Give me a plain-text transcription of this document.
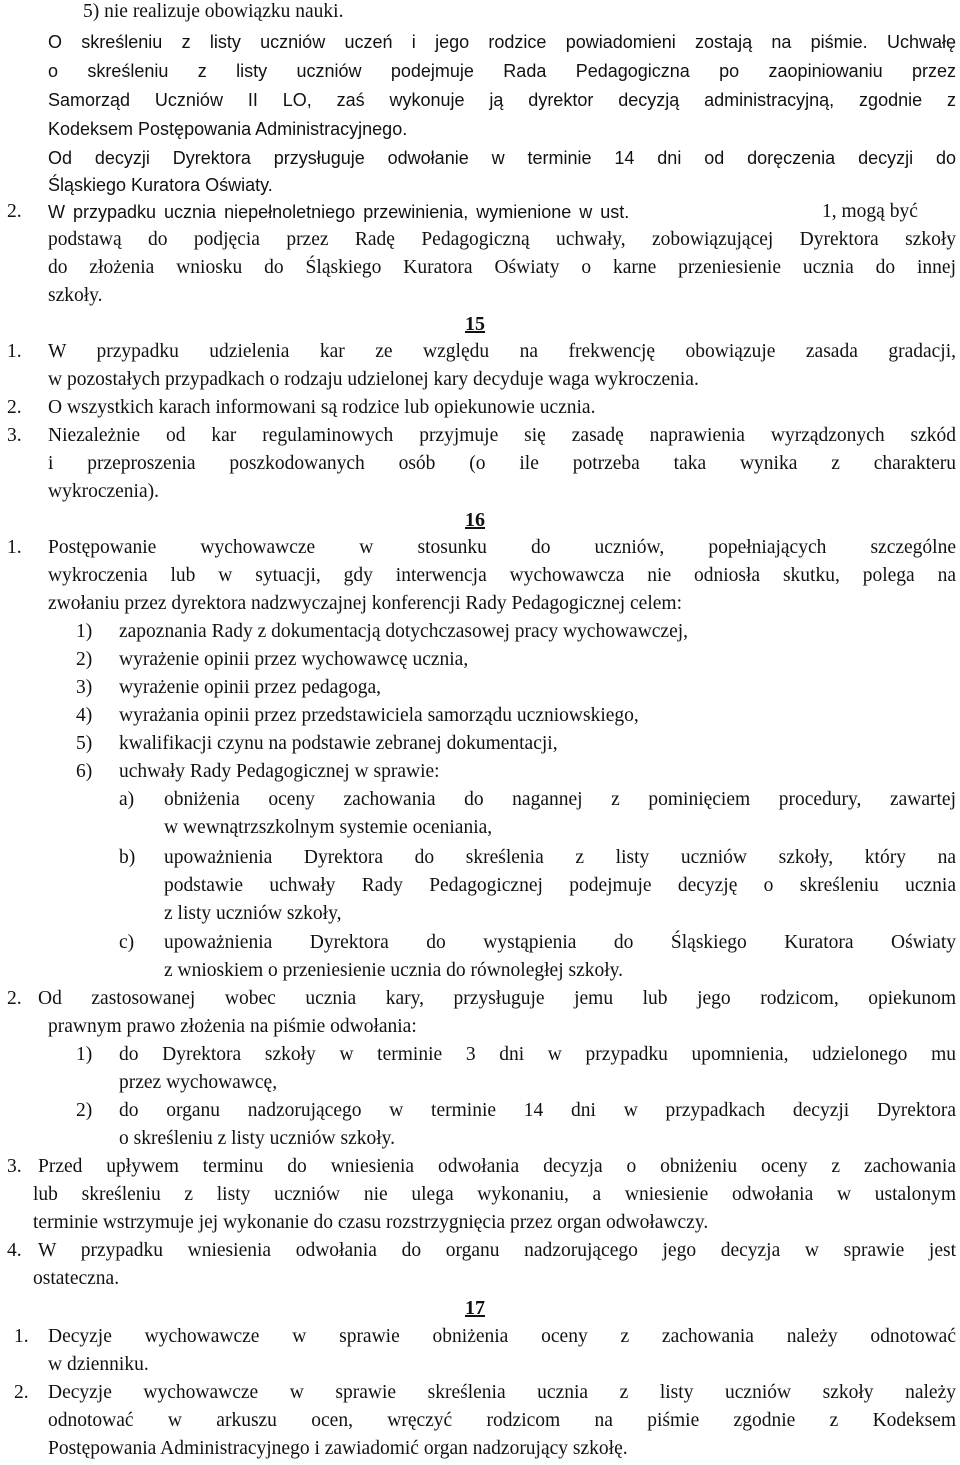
5) nie realizuje obowiązku nauki.
O skreśleniu z listy uczniów uczeń i jego rodzice powiadomieni zostają na piśmie. Uchwałę
o skreśleniu z listy uczniów podejmuje Rada Pedagogiczna po zaopiniowaniu przez
Samorząd Uczniów II LO, zaś wykonuje ją dyrektor decyzją administracyjną, zgodnie z
Kodeksem Postępowania Administracyjnego.
Od decyzji Dyrektora przysługuje odwołanie w terminie 14 dni od doręczenia decyzji do
Śląskiego Kuratora Oświaty.
2. W przypadku ucznia niepełnoletniego przewinienia, wymienione w ust.	1, mogą być
podstawą do podjęcia przez Radę Pedagogiczną uchwały, zobowiązującej Dyrektora szkoły
do złożenia wniosku do Śląskiego Kuratora Oświaty o karne przeniesienie ucznia do innej
szkoły.
15
1. W przypadku udzielenia kar ze względu na frekwencję obowiązuje zasada gradacji,
w pozostałych przypadkach o rodzaju udzielonej kary decyduje waga wykroczenia.
2. O wszystkich karach informowani są rodzice lub opiekunowie ucznia.
3. Niezależnie od kar regulaminowych przyjmuje się zasadę naprawienia wyrządzonych szkód
i przeproszenia poszkodowanych osób (o ile potrzeba taka wynika z charakteru
wykroczenia).
16
1. Postępowanie wychowawcze w stosunku do uczniów, popełniających szczególne
wykroczenia lub w sytuacji, gdy interwencja wychowawcza nie odniosła skutku, polega na
zwołaniu przez dyrektora nadzwyczajnej konferencji Rady Pedagogicznej celem:
1) zapoznania Rady z dokumentacją dotychczasowej pracy wychowawczej,
2) wyrażenie opinii przez wychowawcę ucznia,
3) wyrażenie opinii przez pedagoga,
4) wyrażania opinii przez przedstawiciela samorządu uczniowskiego,
5) kwalifikacji czynu na podstawie zebranej dokumentacji,
6) uchwały Rady Pedagogicznej w sprawie:
a) obniżenia oceny zachowania do nagannej z pominięciem procedury, zawartej
w wewnątrzszkolnym systemie oceniania,
b) upoważnienia Dyrektora do skreślenia z listy uczniów szkoły, który na
podstawie uchwały Rady Pedagogicznej podejmuje decyzję o skreśleniu ucznia
z listy uczniów szkoły,
c) upoważnienia Dyrektora do wystąpienia do Śląskiego Kuratora Oświaty
z wnioskiem o przeniesienie ucznia do równoległej szkoły.
2. Od zastosowanej wobec ucznia kary, przysługuje jemu lub jego rodzicom, opiekunom
prawnym prawo złożenia na piśmie odwołania:
1) do Dyrektora szkoły w terminie 3 dni w przypadku upomnienia, udzielonego mu
przez wychowawcę,
2) do organu nadzorującego w terminie 14 dni w przypadkach decyzji Dyrektora
o skreśleniu z listy uczniów szkoły.
3. Przed upływem terminu do wniesienia odwołania decyzja o obniżeniu oceny z zachowania
lub skreśleniu z listy uczniów nie ulega wykonaniu, a wniesienie odwołania w ustalonym
terminie wstrzymuje jej wykonanie do czasu rozstrzygnięcia przez organ odwoławczy.
4. W przypadku wniesienia odwołania do organu nadzorującego jego decyzja w sprawie jest
ostateczna.
17
1. Decyzje wychowawcze w sprawie obniżenia oceny z zachowania należy odnotować
w dzienniku.
2. Decyzje wychowawcze w sprawie skreślenia ucznia z listy uczniów szkoły należy
odnotować w arkuszu ocen, wręczyć rodzicom na piśmie zgodnie z Kodeksem
Postępowania Administracyjnego i zawiadomić organ nadzorujący szkołę.
